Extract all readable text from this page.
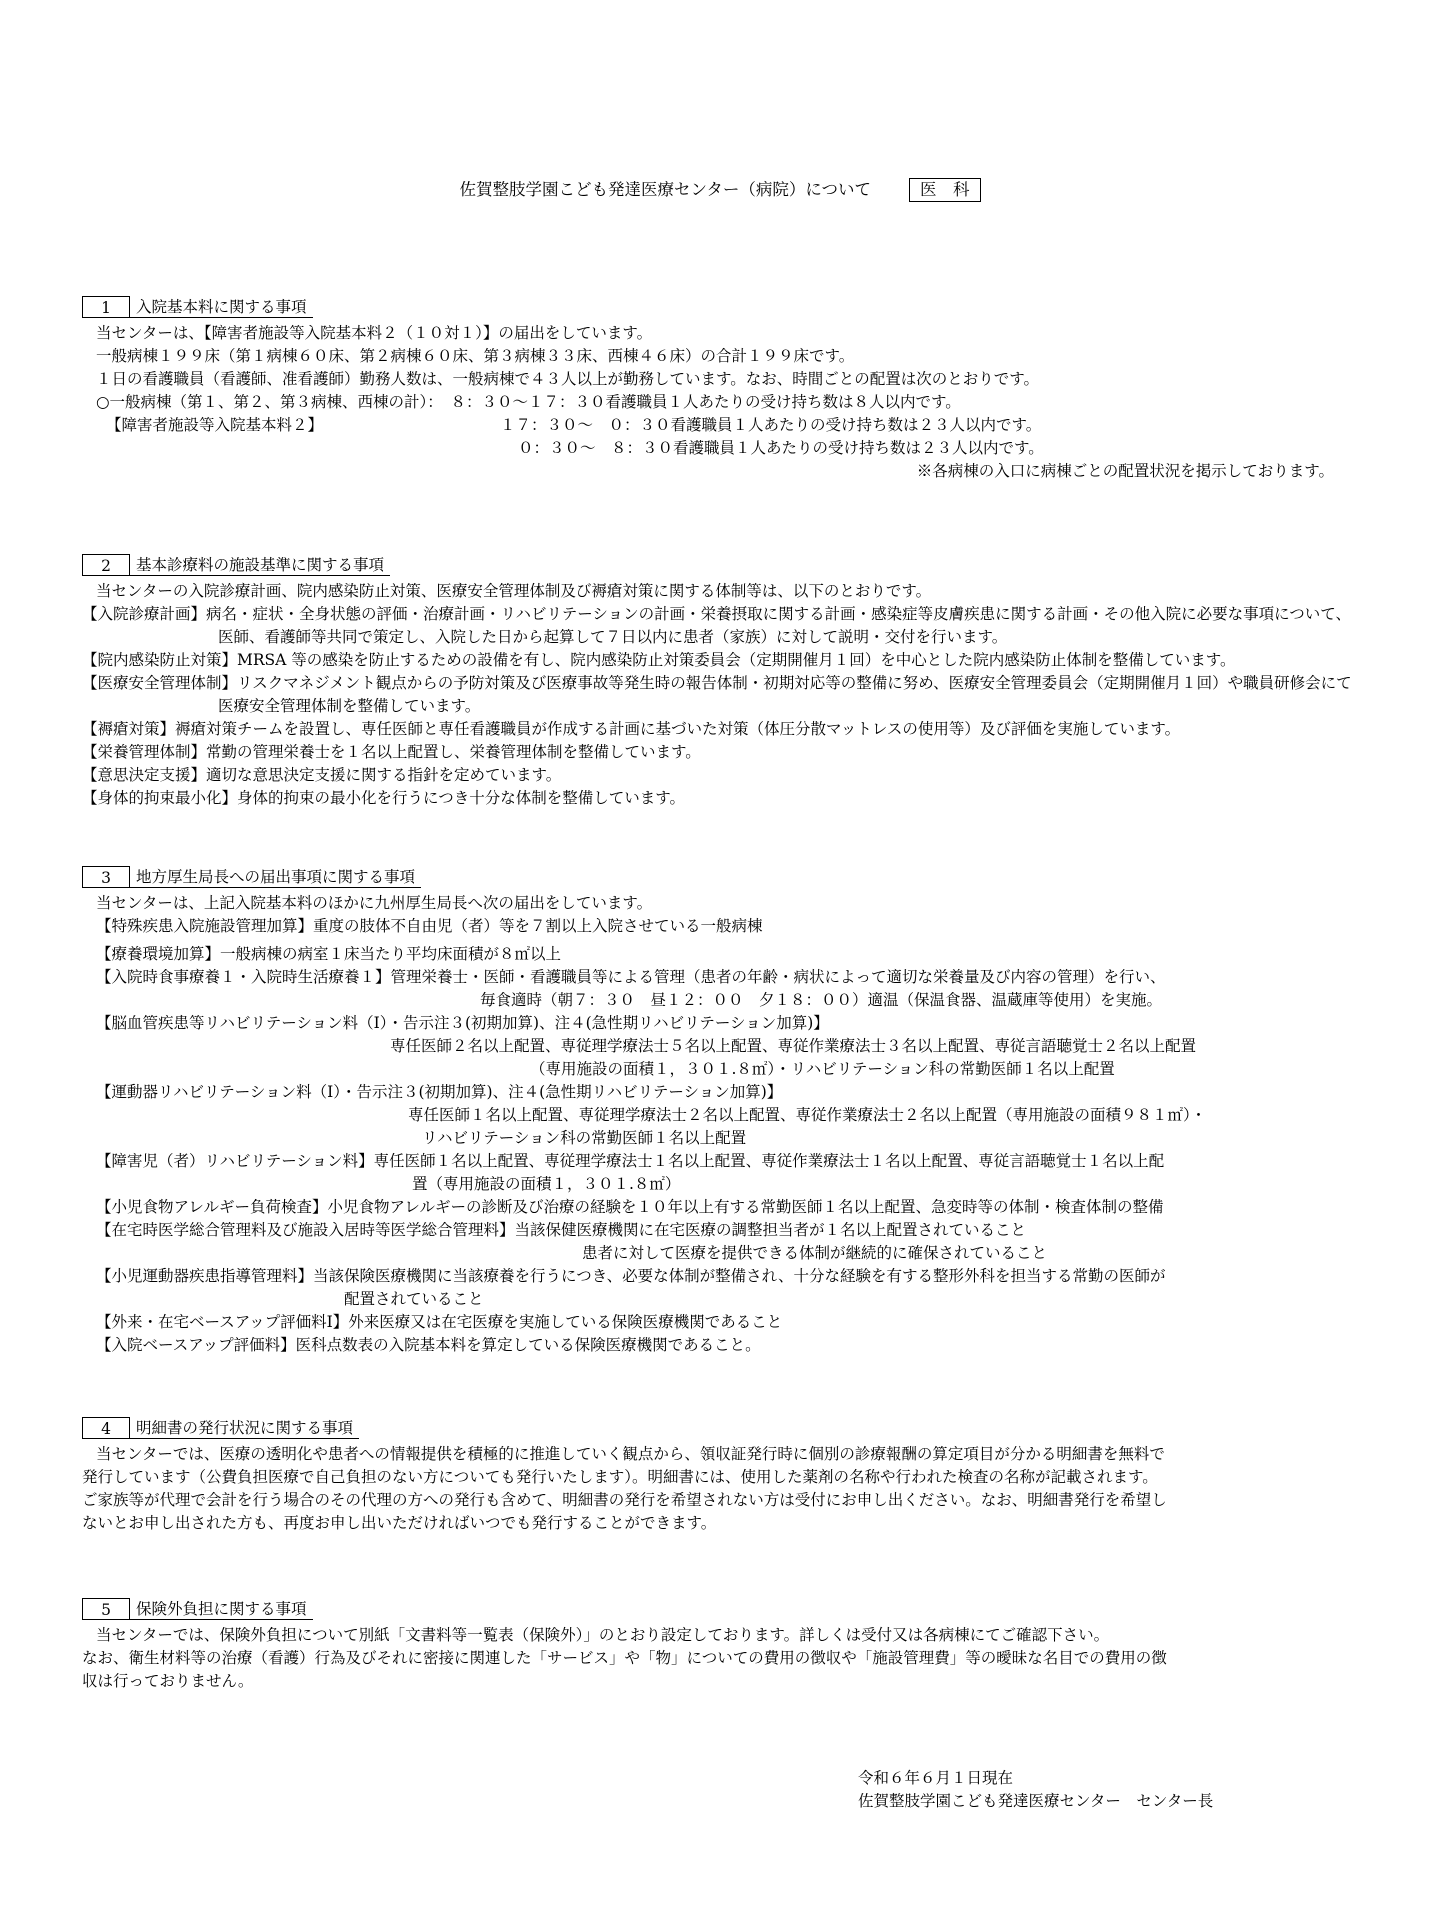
佐賀整肢学園こども発達医療センター（病院）について	医　科
1	入院基本料に関する事項
当センターは、【障害者施設等入院基本料２（１０対１）】の届出をしています。
一般病棟１９９床（第１病棟６０床、第２病棟６０床、第３病棟３３床、西棟４６床）の合計１９９床です。
１日の看護職員（看護師、准看護師）勤務人数は、一般病棟で４３人以上が勤務しています。なお、時間ごとの配置は次のとおりです。
○一般病棟（第１、第２、第３病棟、西棟の計）：　８：３０～１７：３０看護職員１人あたりの受け持ち数は８人以内です。
【障害者施設等入院基本料２】	１７：３０～　０：３０看護職員１人あたりの受け持ち数は２３人以内です。
０：３０～　８：３０看護職員１人あたりの受け持ち数は２３人以内です。
※各病棟の入口に病棟ごとの配置状況を掲示しております。
2	基本診療料の施設基準に関する事項
当センターの入院診療計画、院内感染防止対策、医療安全管理体制及び褥瘡対策に関する体制等は、以下のとおりです。
【入院診療計画】病名・症状・全身状態の評価・治療計画・リハビリテーションの計画・栄養摂取に関する計画・感染症等皮膚疾患に関する計画・その他入院に必要な事項について、医師、看護師等共同で策定し、入院した日から起算して７日以内に患者（家族）に対して説明・交付を行います。
【院内感染防止対策】MRSA 等の感染を防止するための設備を有し、院内感染防止対策委員会（定期開催月１回）を中心とした院内感染防止体制を整備しています。
【医療安全管理体制】リスクマネジメント観点からの予防対策及び医療事故等発生時の報告体制・初期対応等の整備に努め、医療安全管理委員会（定期開催月１回）や職員研修会にて医療安全管理体制を整備しています。
【褥瘡対策】褥瘡対策チームを設置し、専任医師と専任看護職員が作成する計画に基づいた対策（体圧分散マットレスの使用等）及び評価を実施しています。
【栄養管理体制】常勤の管理栄養士を１名以上配置し、栄養管理体制を整備しています。
【意思決定支援】適切な意思決定支援に関する指針を定めています。
【身体的拘束最小化】身体的拘束の最小化を行うにつき十分な体制を整備しています。
3	地方厚生局長への届出事項に関する事項
当センターは、上記入院基本料のほかに九州厚生局長へ次の届出をしています。
【特殊疾患入院施設管理加算】重度の肢体不自由児（者）等を７割以上入院させている一般病棟
【療養環境加算】一般病棟の病室１床当たり平均床面積が８㎡以上
【入院時食事療養１・入院時生活療養１】管理栄養士・医師・看護職員等による管理（患者の年齢・病状によって適切な栄養量及び内容の管理）を行い、
毎食適時（朝７：３０　昼１２：００　夕１８：００）適温（保温食器、温蔵庫等使用）を実施。
【脳血管疾患等リハビリテーション料（Ⅰ）・告示注３(初期加算)、注４(急性期リハビリテーション加算)】
専任医師２名以上配置、専従理学療法士５名以上配置、専従作業療法士３名以上配置、専従言語聴覚士２名以上配置
（専用施設の面積１，３０１.８㎡）・リハビリテーション科の常勤医師１名以上配置
【運動器リハビリテーション料（Ⅰ）・告示注３(初期加算)、注４(急性期リハビリテーション加算)】
専任医師１名以上配置、専従理学療法士２名以上配置、専従作業療法士２名以上配置（専用施設の面積９８１㎡）・
リハビリテーション科の常勤医師１名以上配置
【障害児（者）リハビリテーション料】専任医師１名以上配置、専従理学療法士１名以上配置、専従作業療法士１名以上配置、専従言語聴覚士１名以上配
置（専用施設の面積１，３０１.８㎡）
【小児食物アレルギー負荷検査】小児食物アレルギーの診断及び治療の経験を１０年以上有する常勤医師１名以上配置、急変時等の体制・検査体制の整備
【在宅時医学総合管理料及び施設入居時等医学総合管理料】当該保健医療機関に在宅医療の調整担当者が１名以上配置されていること
患者に対して医療を提供できる体制が継続的に確保されていること
【小児運動器疾患指導管理料】当該保険医療機関に当該療養を行うにつき、必要な体制が整備され、十分な経験を有する整形外科を担当する常勤の医師が
配置されていること
【外来・在宅ベースアップ評価料Ⅰ】外来医療又は在宅医療を実施している保険医療機関であること
【入院ベースアップ評価料】医科点数表の入院基本料を算定している保険医療機関であること。
4	明細書の発行状況に関する事項
当センターでは、医療の透明化や患者への情報提供を積極的に推進していく観点から、領収証発行時に個別の診療報酬の算定項目が分かる明細書を無料で
発行しています（公費負担医療で自己負担のない方についても発行いたします）。明細書には、使用した薬剤の名称や行われた検査の名称が記載されます。
ご家族等が代理で会計を行う場合のその代理の方への発行も含めて、明細書の発行を希望されない方は受付にお申し出ください。なお、明細書発行を希望し
ないとお申し出された方も、再度お申し出いただければいつでも発行することができます。
5	保険外負担に関する事項
当センターでは、保険外負担について別紙「文書料等一覧表（保険外）」のとおり設定しております。詳しくは受付又は各病棟にてご確認下さい。
なお、衛生材料等の治療（看護）行為及びそれに密接に関連した「サービス」や「物」についての費用の徴収や「施設管理費」等の曖昧な名目での費用の徴
収は行っておりません。
令和６年６月１日現在
佐賀整肢学園こども発達医療センター　センター長
